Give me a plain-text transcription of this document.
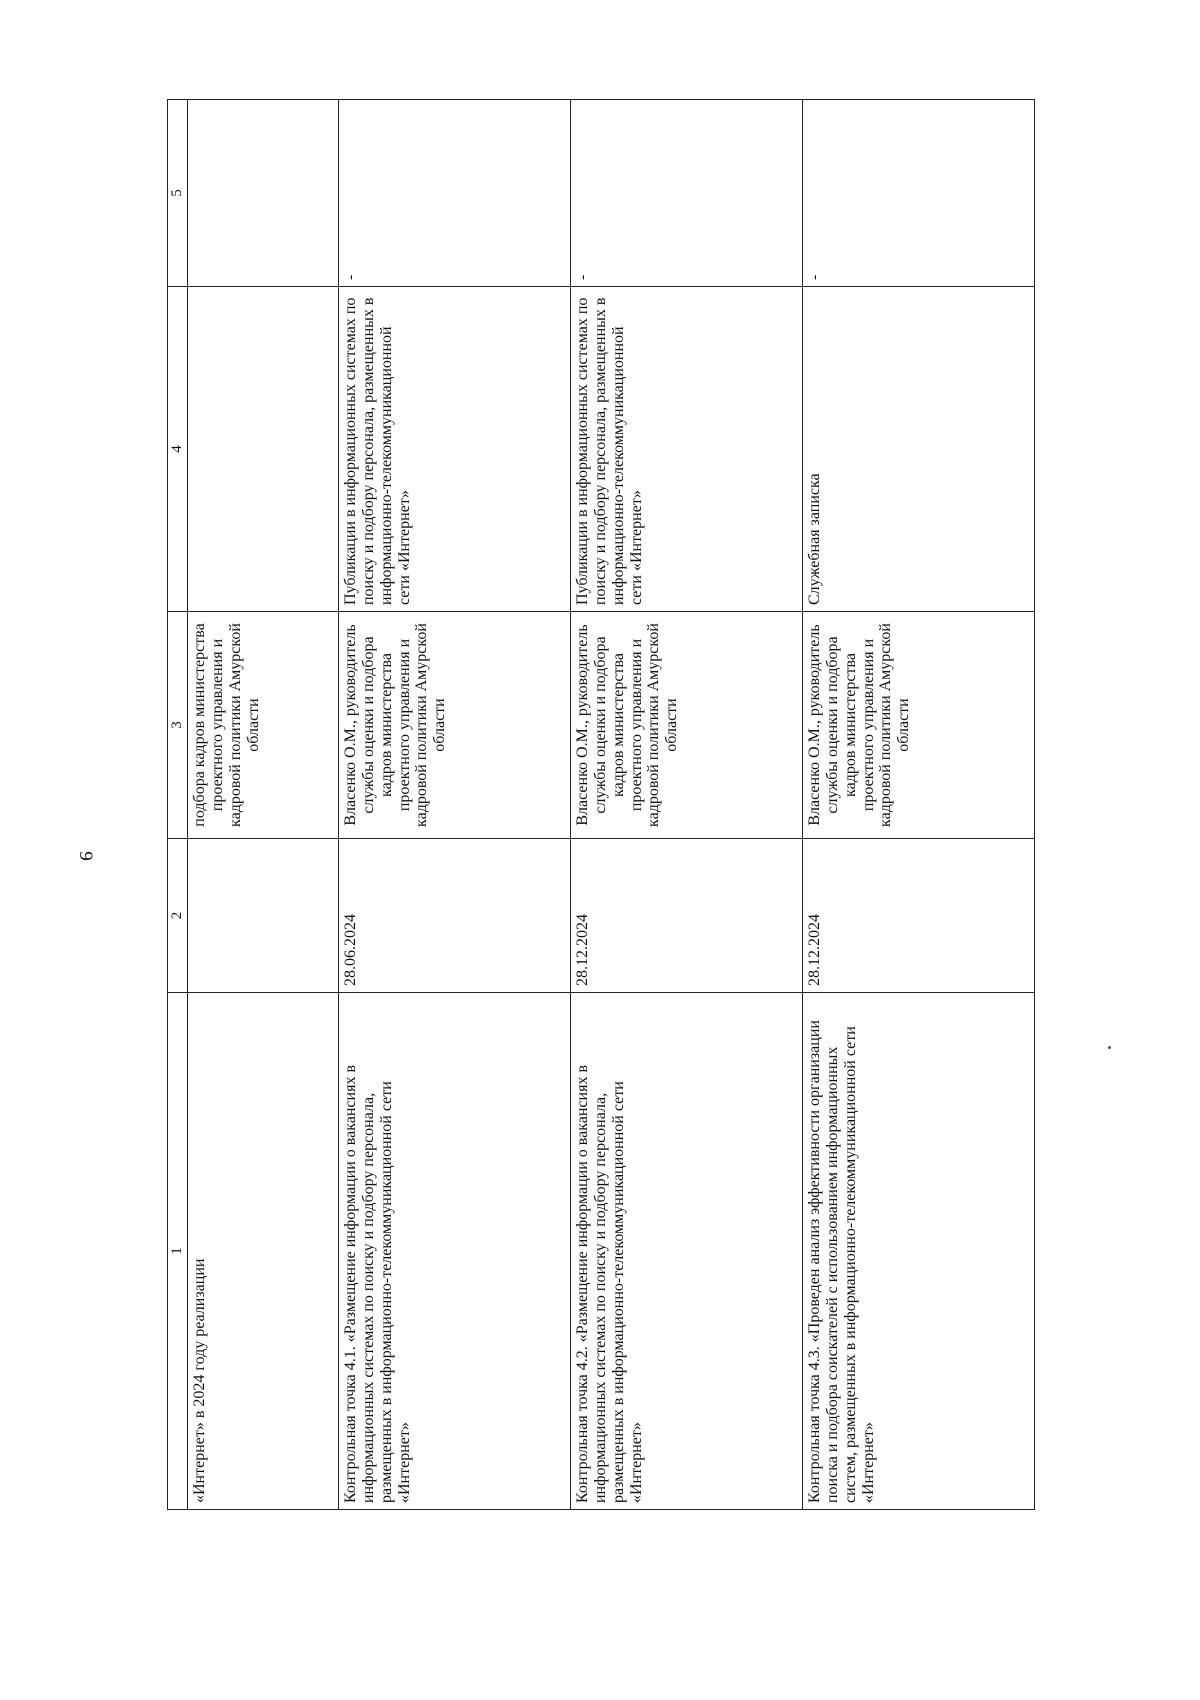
9
1	2	3	4	5
«Интернет» в 2024 году реализации		подбора кадров министерства проектного управления и кадровой политики Амурской области		
Контрольная точка 4.1. «Размещение информации о вакансиях в информационных системах по поиску и подбору персонала, размещенных в информационно-телекоммуникационной сети «Интернет»	28.06.2024	Власенко О.М., руководитель службы оценки и подбора кадров министерства проектного управления и кадровой политики Амурской области	Публикации в информационных системах по поиску и подбору персонала, размещенных в информационно-телекоммуникационной сети «Интернет»	-
Контрольная точка 4.2. «Размещение информации о вакансиях в информационных системах по поиску и подбору персонала, размещенных в информационно-телекоммуникационной сети «Интернет»	28.12.2024	Власенко О.М., руководитель службы оценки и подбора кадров министерства проектного управления и кадровой политики Амурской области	Публикации в информационных системах по поиску и подбору персонала, размещенных в информационно-телекоммуникационной сети «Интернет»	-
Контрольная точка 4.3. «Проведен анализ эффективности организации поиска и подбора соискателей с использованием информационных систем, размещенных в информационно-телекоммуникационной сети «Интернет»	28.12.2024	Власенко О.М., руководитель службы оценки и подбора кадров министерства проектного управления и кадровой политики Амурской области	Служебная записка	-
